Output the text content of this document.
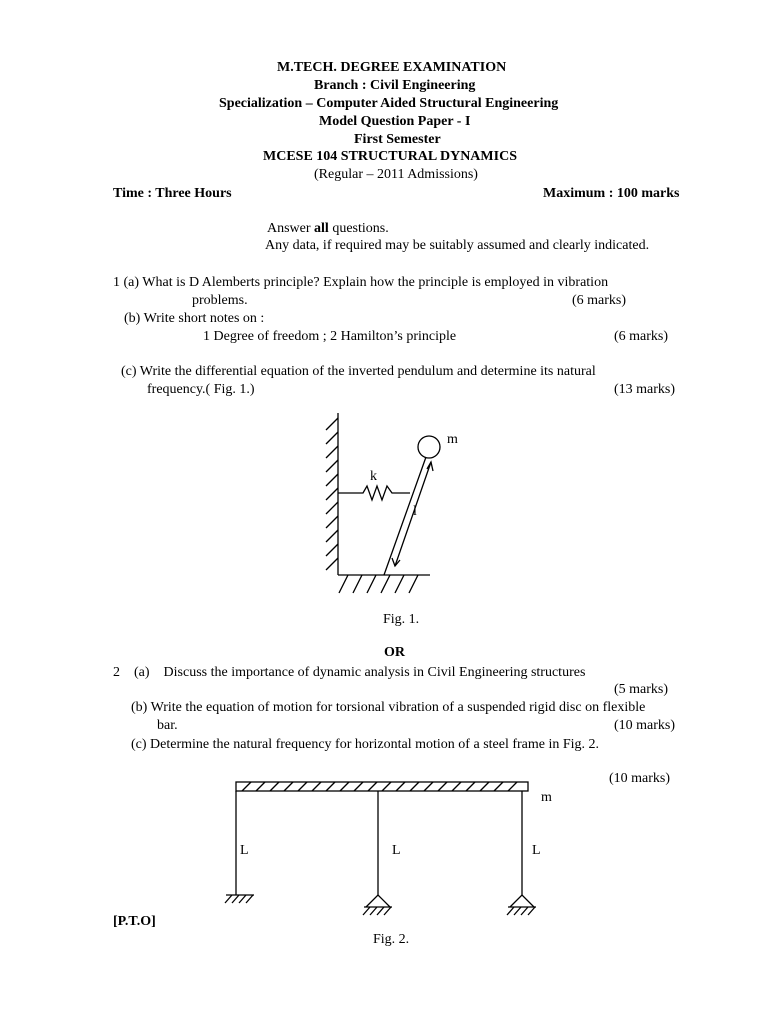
M.TECH. DEGREE EXAMINATION
Branch : Civil Engineering
Specialization – Computer Aided Structural Engineering
Model Question Paper - I
First Semester
MCESE 104 STRUCTURAL DYNAMICS
(Regular – 2011 Admissions)
Time : Three Hours	Maximum : 100 marks
Answer all questions.
Any data, if required may be suitably assumed and clearly indicated.
1 (a) What is D Alemberts principle? Explain how the principle is employed in vibration
problems.	(6 marks)
(b) Write short notes on :
1 Degree of freedom ; 2 Hamilton’s principle	(6 marks)
(c) Write the differential equation of the inverted pendulum and determine its natural
frequency.( Fig. 1.)	(13 marks)
m
k
l
Fig. 1.
OR
2    (a)    Discuss the importance of dynamic analysis in Civil Engineering structures
(5 marks)
(b) Write the equation of motion for torsional vibration of a suspended rigid disc on flexible
bar.	(10 marks)
(c) Determine the natural frequency for horizontal motion of a steel frame in Fig. 2.
(10 marks)
m
L	L	L
Fig. 2.
[P.T.O]
